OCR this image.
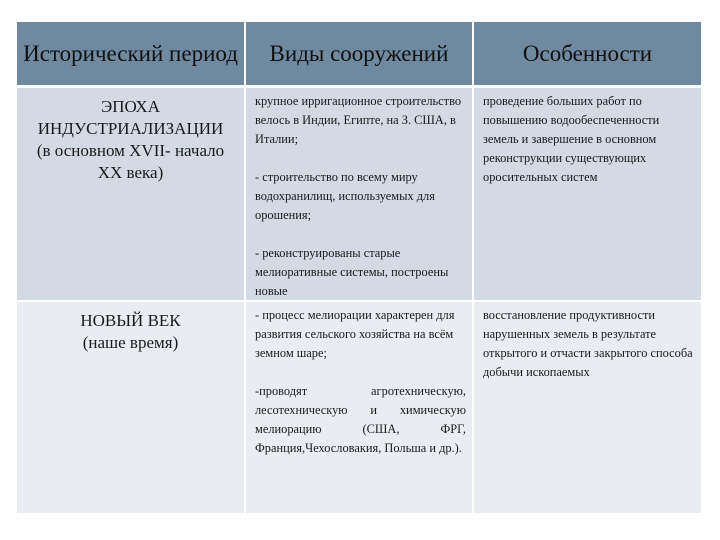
Исторический период	Виды сооружений	Особенности
ЭПОХА
ИНДУСТРИАЛИЗАЦИИ
(в основном XVII- начало
XX века)

крупное ирригационное строительство велось в Индии, Египте, на З. США, в Италии;

- строительство по всему миру водохранилищ, используемых для орошения;

- реконструированы старые мелиоративные системы, построены новые

проведение больших работ по повышению водообеспеченности земель и завершение в основном реконструкции существующих оросительных систем

НОВЫЙ ВЕК
(наше время)

- процесс мелиорации характерен для развития сельского хозяйства на всём земном шаре;

-проводят агротехническую, лесотехническую и химическую мелиорацию (США, ФРГ, Франция,Чехословакия, Польша и др.).

восстановление продуктивности нарушенных земель в результате открытого и отчасти закрытого способа добычи ископаемых
